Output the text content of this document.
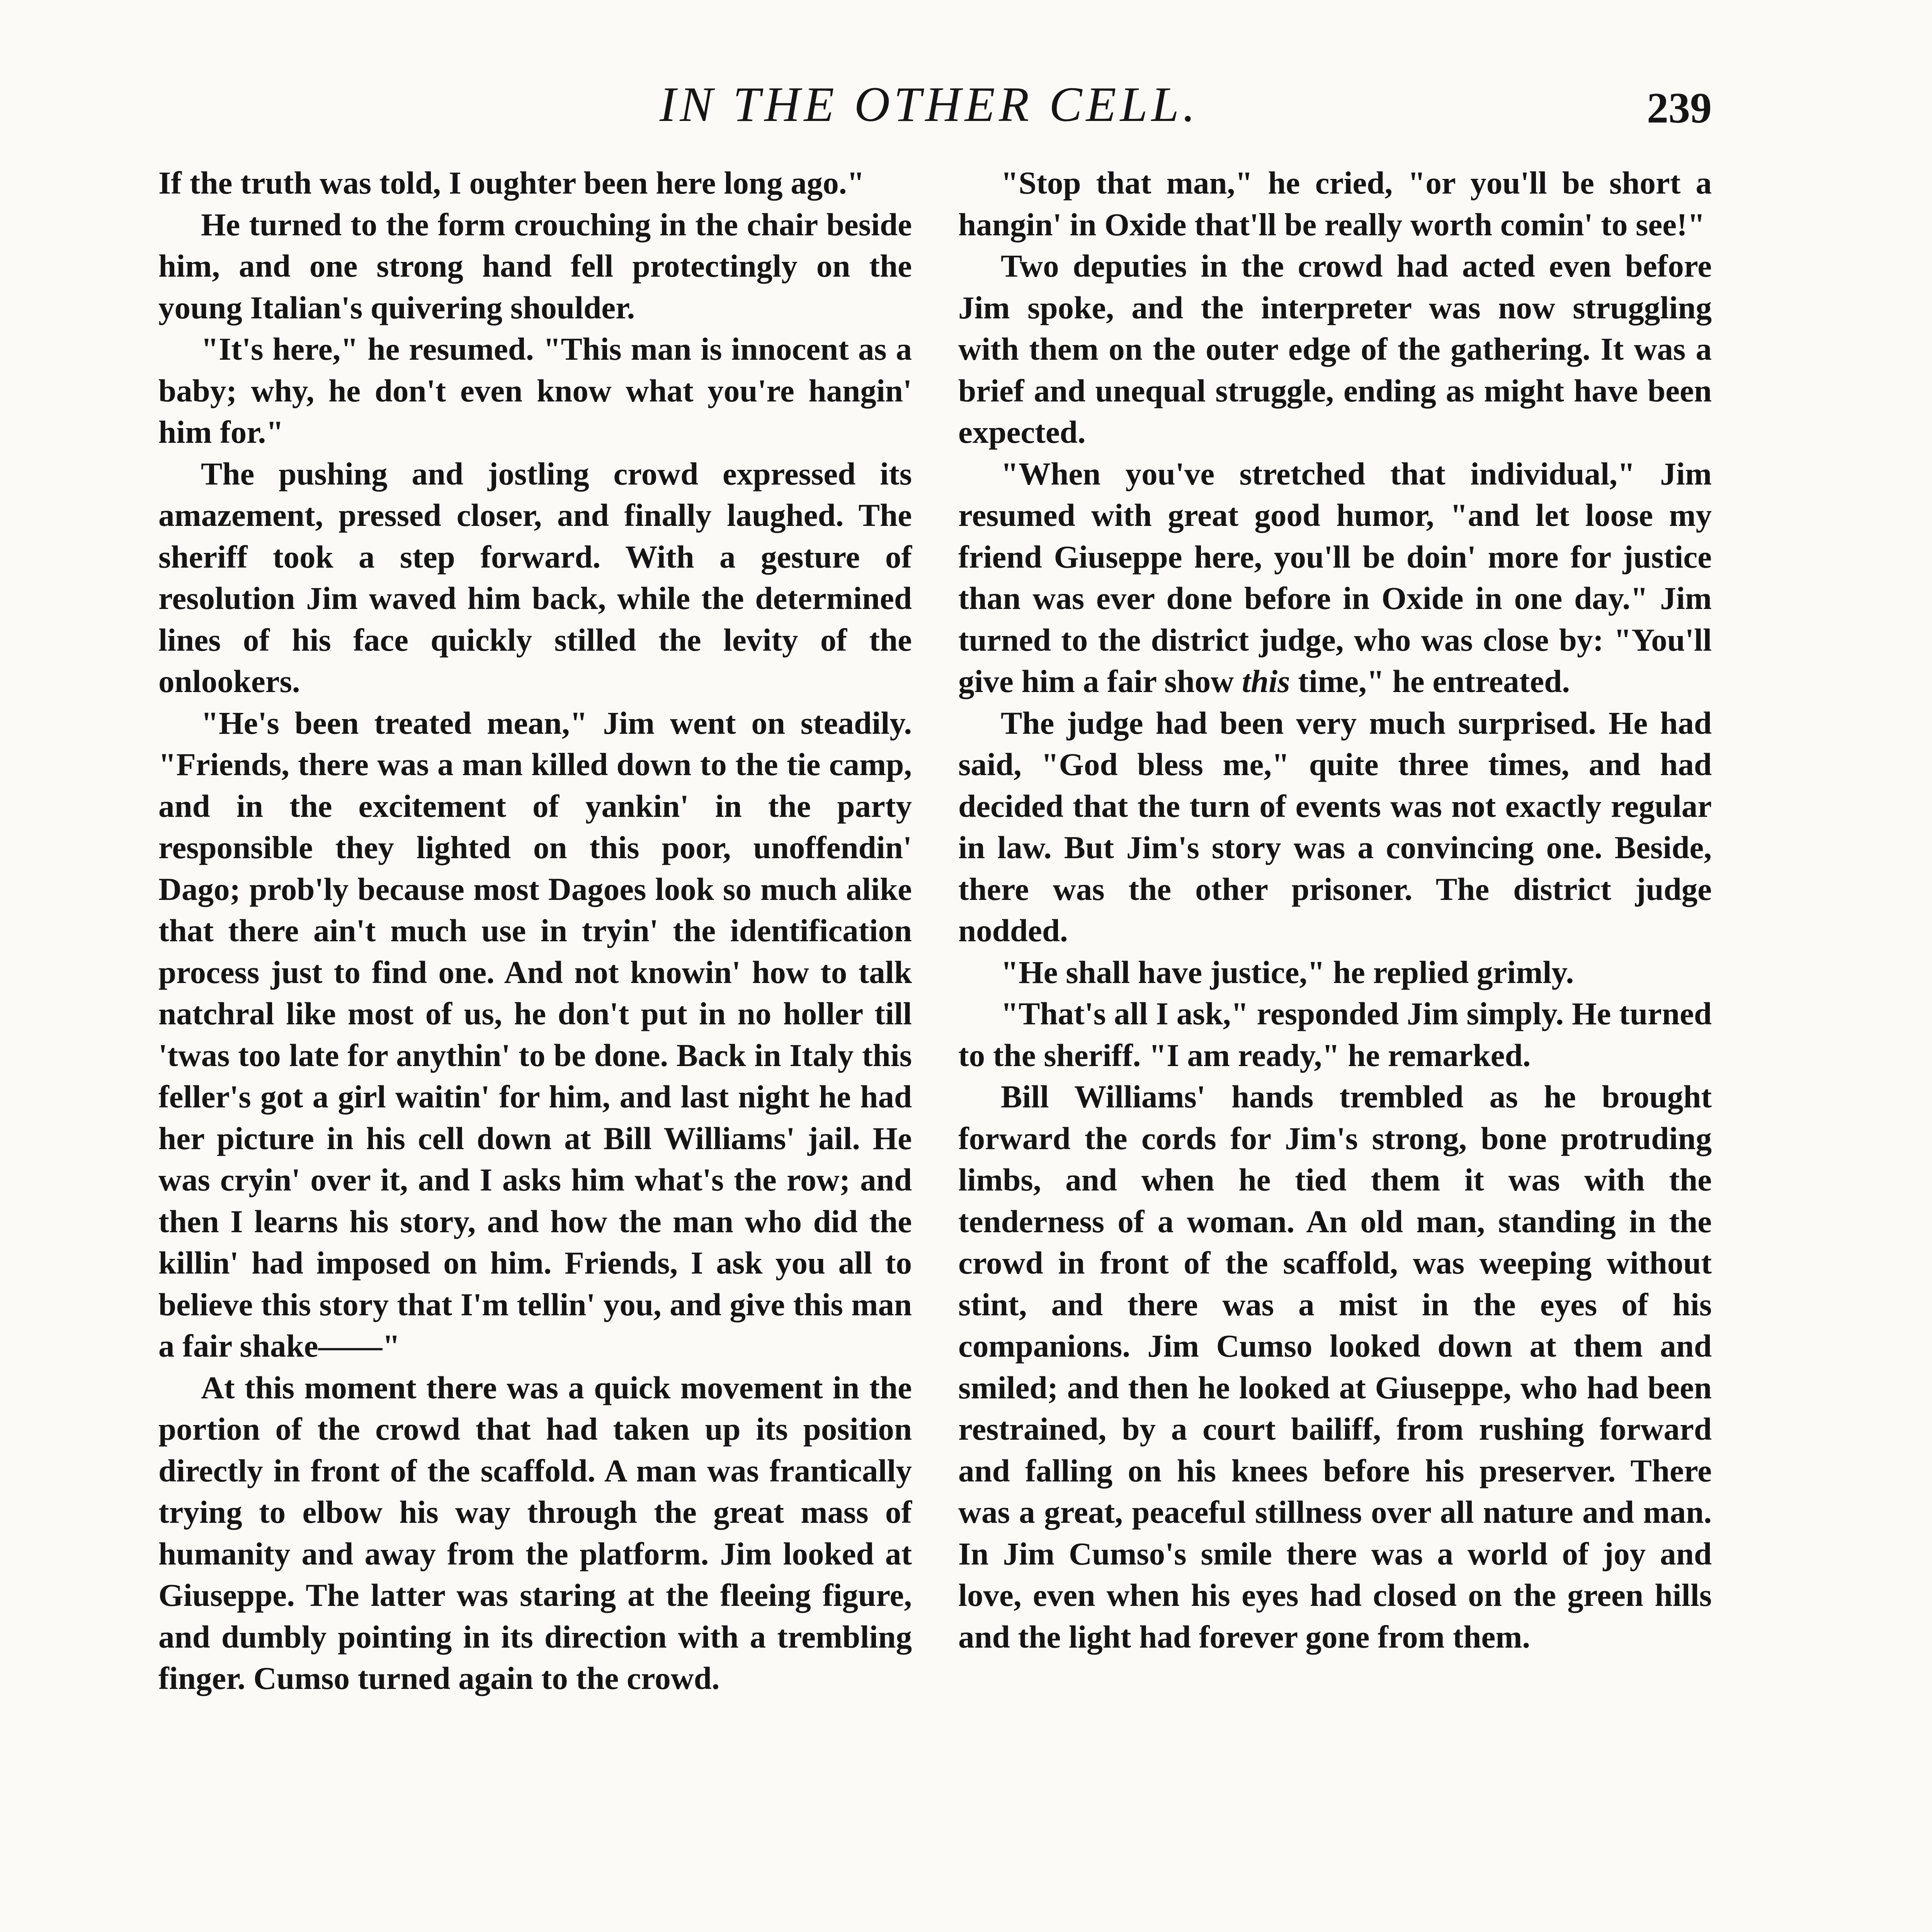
IN THE OTHER CELL.	239

If the truth was told, I oughter been here long ago."

He turned to the form crouching in the chair beside him, and one strong hand fell protectingly on the young Italian's quivering shoulder.

"It's here," he resumed. "This man is innocent as a baby; why, he don't even know what you're hangin' him for."

The pushing and jostling crowd expressed its amazement, pressed closer, and finally laughed. The sheriff took a step forward. With a gesture of resolution Jim waved him back, while the determined lines of his face quickly stilled the levity of the onlookers.

"He's been treated mean," Jim went on steadily. "Friends, there was a man killed down to the tie camp, and in the excitement of yankin' in the party responsible they lighted on this poor, unoffendin' Dago; prob'ly because most Dagoes look so much alike that there ain't much use in tryin' the identification process just to find one. And not knowin' how to talk natchral like most of us, he don't put in no holler till 'twas too late for anythin' to be done. Back in Italy this feller's got a girl waitin' for him, and last night he had her picture in his cell down at Bill Williams' jail. He was cryin' over it, and I asks him what's the row; and then I learns his story, and how the man who did the killin' had imposed on him. Friends, I ask you all to believe this story that I'm tellin' you, and give this man a fair shake——"

At this moment there was a quick movement in the portion of the crowd that had taken up its position directly in front of the scaffold. A man was frantically trying to elbow his way through the great mass of humanity and away from the platform. Jim looked at Giuseppe. The latter was staring at the fleeing figure, and dumbly pointing in its direction with a trembling finger. Cumso turned again to the crowd.

"Stop that man," he cried, "or you'll be short a hangin' in Oxide that'll be really worth comin' to see!"

Two deputies in the crowd had acted even before Jim spoke, and the interpreter was now struggling with them on the outer edge of the gathering. It was a brief and unequal struggle, ending as might have been expected.

"When you've stretched that individual," Jim resumed with great good humor, "and let loose my friend Giuseppe here, you'll be doin' more for justice than was ever done before in Oxide in one day." Jim turned to the district judge, who was close by: "You'll give him a fair show this time," he entreated.

The judge had been very much surprised. He had said, "God bless me," quite three times, and had decided that the turn of events was not exactly regular in law. But Jim's story was a convincing one. Beside, there was the other prisoner. The district judge nodded.

"He shall have justice," he replied grimly.

"That's all I ask," responded Jim simply. He turned to the sheriff. "I am ready," he remarked.

Bill Williams' hands trembled as he brought forward the cords for Jim's strong, bone protruding limbs, and when he tied them it was with the tenderness of a woman. An old man, standing in the crowd in front of the scaffold, was weeping without stint, and there was a mist in the eyes of his companions. Jim Cumso looked down at them and smiled; and then he looked at Giuseppe, who had been restrained, by a court bailiff, from rushing forward and falling on his knees before his preserver. There was a great, peaceful stillness over all nature and man. In Jim Cumso's smile there was a world of joy and love, even when his eyes had closed on the green hills and the light had forever gone from them.
